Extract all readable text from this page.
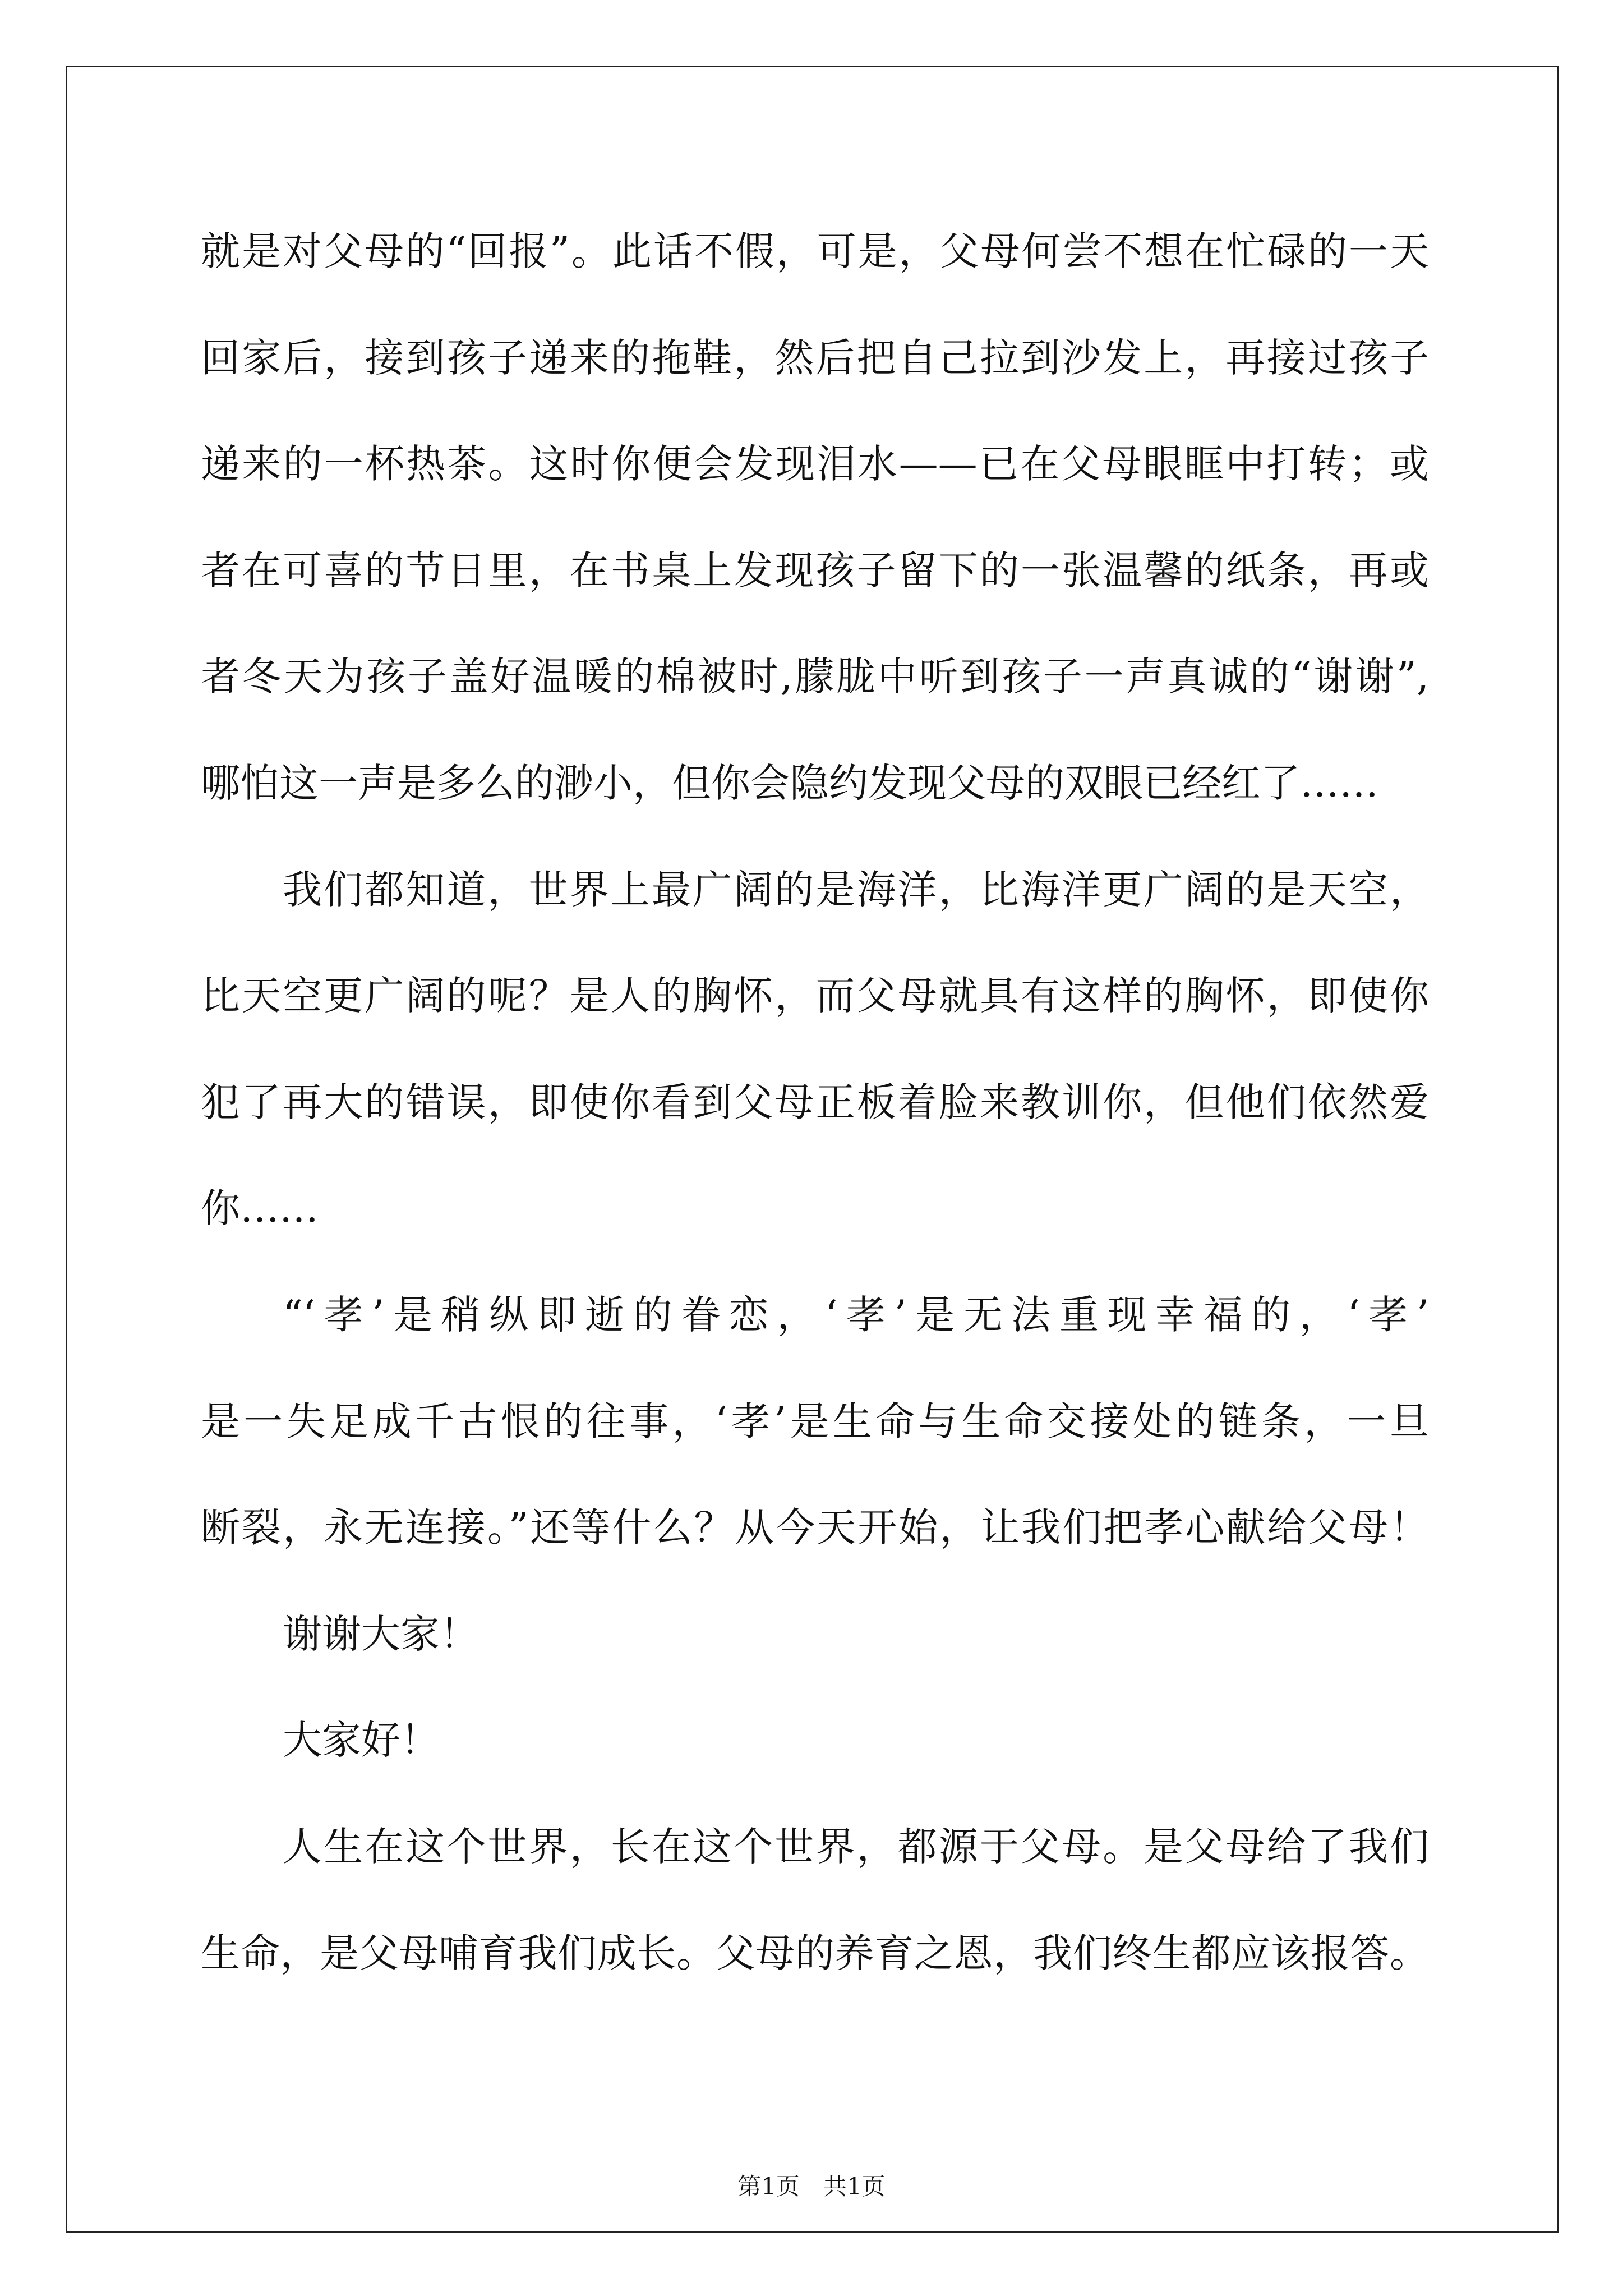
就是对父母的“回报”。此话不假，可是，父母何尝不想在忙碌的一天

回家后，接到孩子递来的拖鞋，然后把自己拉到沙发上，再接过孩子

递来的一杯热茶。这时你便会发现泪水——已在父母眼眶中打转；或

者在可喜的节日里，在书桌上发现孩子留下的一张温馨的纸条，再或

者冬天为孩子盖好温暖的棉被时,朦胧中听到孩子一声真诚的“谢谢”,

哪怕这一声是多么的渺小，但你会隐约发现父母的双眼已经红了……

我们都知道，世界上最广阔的是海洋，比海洋更广阔的是天空，

比天空更广阔的呢？是人的胸怀，而父母就具有这样的胸怀，即使你

犯了再大的错误，即使你看到父母正板着脸来教训你，但他们依然爱

你……

“‘孝’是稍纵即逝的眷恋，‘孝’是无法重现幸福的，‘孝’

是一失足成千古恨的往事，‘孝’是生命与生命交接处的链条，一旦

断裂，永无连接。”还等什么？从今天开始，让我们把孝心献给父母！

谢谢大家！

大家好！

人生在这个世界，长在这个世界，都源于父母。是父母给了我们

生命，是父母哺育我们成长。父母的养育之恩，我们终生都应该报答。

第1页　共1页
